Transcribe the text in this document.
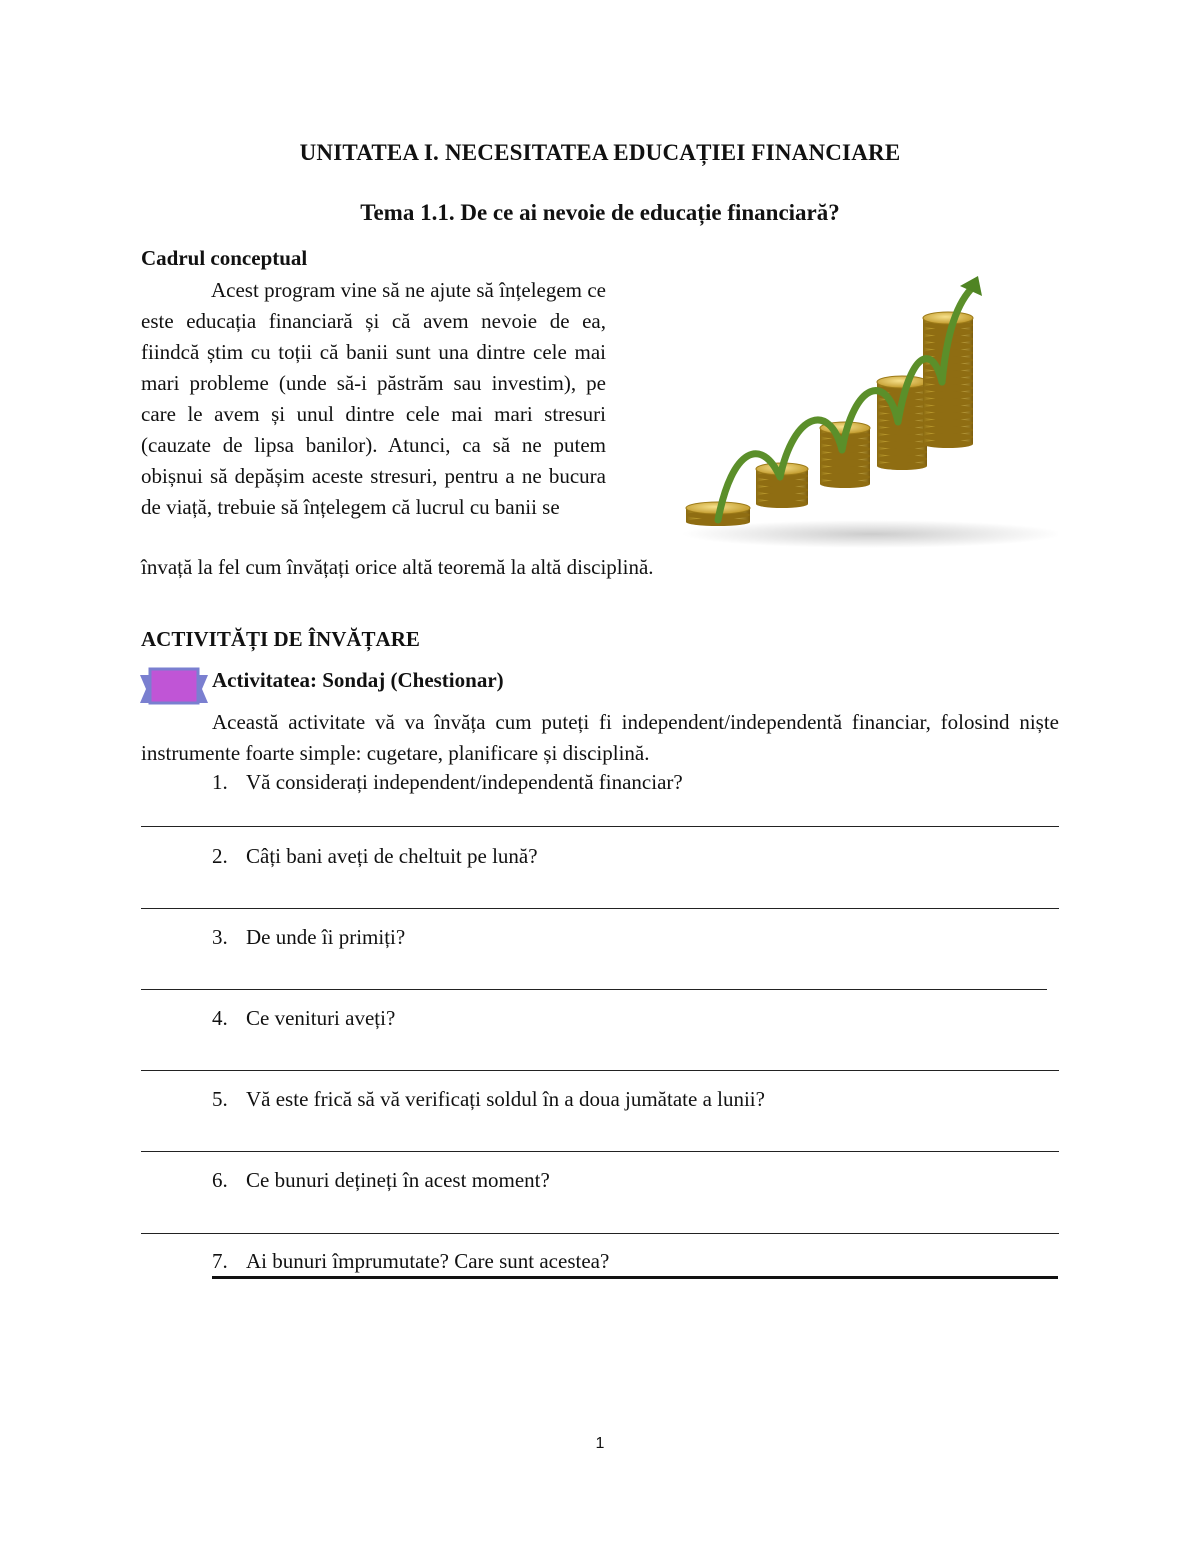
UNITATEA I. NECESITATEA EDUCAȚIEI FINANCIARE
Tema 1.1. De ce ai nevoie de educație financiară?
Cadrul conceptual
Acest program vine să ne ajute să înțelegem ce este educația financiară și că avem nevoie de ea, fiindcă știm cu toții că banii sunt una dintre cele mai mari probleme (unde să-i păstrăm sau investim), pe care le avem și unul dintre cele mai mari stresuri (cauzate de lipsa banilor). Atunci, ca să ne putem obișnui să depășim aceste stresuri, pentru a ne bucura de viață, trebuie să înțelegem că lucrul cu banii se
învață la fel cum învățați orice altă teoremă la altă disciplină.
ACTIVITĂȚI DE ÎNVĂȚARE
Activitatea: Sondaj (Chestionar)
Această activitate vă va învăța cum puteți fi independent/independentă financiar, folosind niște instrumente foarte simple: cugetare, planificare și disciplină.
1. Vă considerați independent/independentă financiar?
2. Câți bani aveți de cheltuit pe lună?
3. De unde îi primiți?
4. Ce venituri aveți?
5. Vă este frică să vă verificați soldul în a doua jumătate a lunii?
6. Ce bunuri dețineți în acest moment?
7. Ai bunuri împrumutate? Care sunt acestea?
1
